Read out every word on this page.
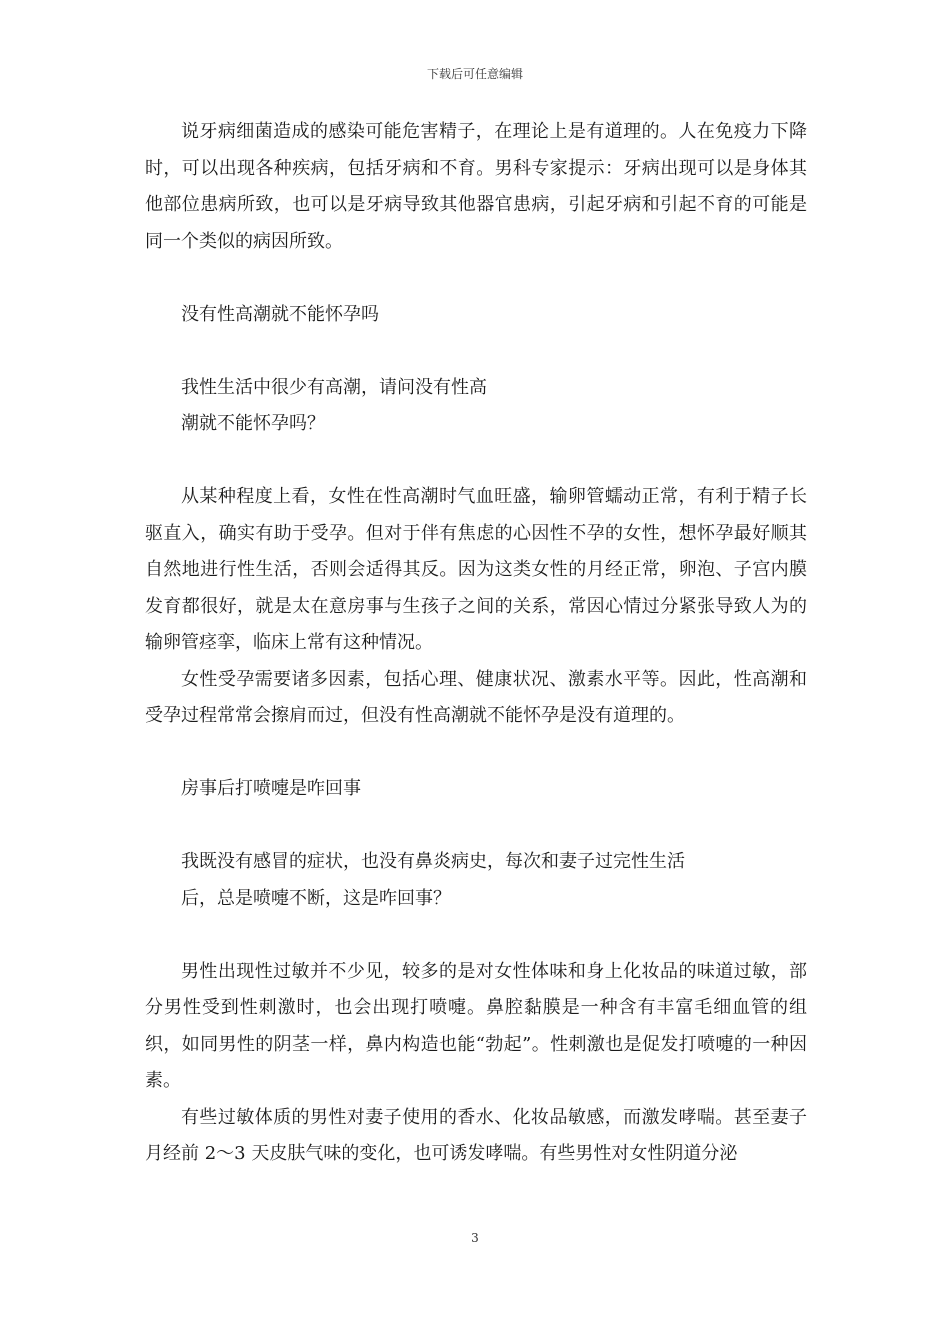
下载后可任意编辑

说牙病细菌造成的感染可能危害精子，在理论上是有道理的。人在免疫力下降时，可以出现各种疾病，包括牙病和不育。男科专家提示：牙病出现可以是身体其他部位患病所致，也可以是牙病导致其他器官患病，引起牙病和引起不育的可能是同一个类似的病因所致。

没有性高潮就不能怀孕吗

我性生活中很少有高潮，请问没有性高

潮就不能怀孕吗？

从某种程度上看，女性在性高潮时气血旺盛，输卵管蠕动正常，有利于精子长驱直入，确实有助于受孕。但对于伴有焦虑的心因性不孕的女性，想怀孕最好顺其自然地进行性生活，否则会适得其反。因为这类女性的月经正常，卵泡、子宫内膜发育都很好，就是太在意房事与生孩子之间的关系，常因心情过分紧张导致人为的输卵管痉挛，临床上常有这种情况。

女性受孕需要诸多因素，包括心理、健康状况、激素水平等。因此，性高潮和受孕过程常常会擦肩而过，但没有性高潮就不能怀孕是没有道理的。

房事后打喷嚏是咋回事

我既没有感冒的症状，也没有鼻炎病史，每次和妻子过完性生活

后，总是喷嚏不断，这是咋回事？

男性出现性过敏并不少见，较多的是对女性体味和身上化妆品的味道过敏，部分男性受到性刺激时，也会出现打喷嚏。鼻腔黏膜是一种含有丰富毛细血管的组织，如同男性的阴茎一样，鼻内构造也能“勃起”。性刺激也是促发打喷嚏的一种因素。

有些过敏体质的男性对妻子使用的香水、化妆品敏感，而激发哮喘。甚至妻子月经前 2～3 天皮肤气味的变化，也可诱发哮喘。有些男性对女性阴道分泌

3
